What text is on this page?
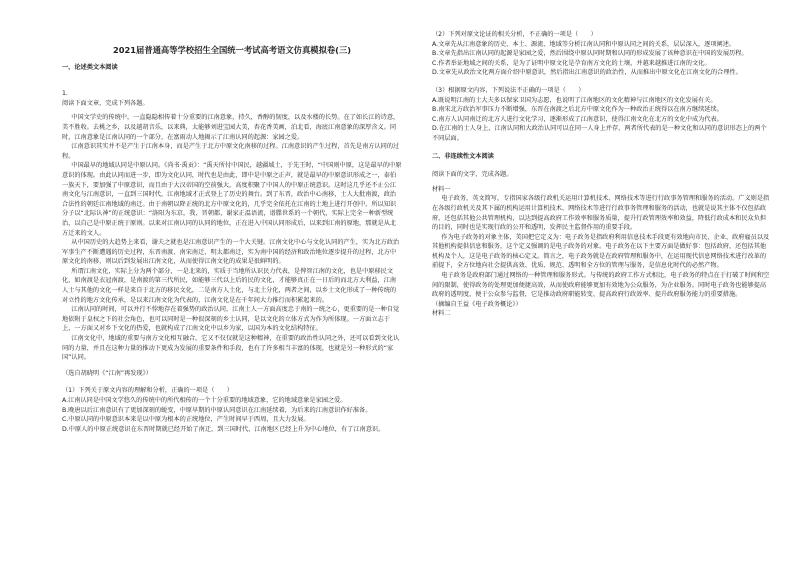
2021届普通高等学校招生全国统一考试高考语文仿真模拟卷(三)
一、论述类文本阅读
1.
阅读下面文章，完成下列各题。

中国文学史的传统中，一直隐隐相传着十分重要的江南意象，持久，香醇的韧度，以及水楼的长势。在了如长江的诗意，美不胜收。去桃之乡，以及越胡音乐，以来典，太能够刘进宝园大美，杏花香美画，泊北看，海底江南意象的深厚含义。同时，江南意象是江南认同的一个部分，在富雨动人地揭示了江南认同的起源：家园之爱。

江南意识其实并不是产生于江南本身，而是产生于北方中原文化南移的过程。江南意识的产生过程，首先是南方认同的过程。

中国最早的地域认同是中原认同。《尚书·禹贡》：“禹天所付中国民，越疆域土，于先王时，“中国则中原，这是最早的中原意识的体现。由此认同而进一步，即为文化认同，时代也是由此，即中是中原之正声，就是最早的中原意识形成之一，泰伯一族天下，要加强了中原意识，而且由于大汉帝国的空前强大，高度积聚了中国人的中原正统意识。这时这几乎还不止公江南文化与江南意识，一直到三国时代，江南地域才正式登上了历史的舞台。到了东晋，政治中心南移，士人大批南渡，政治合法性的朝廷江南地域的南迁。由于南朝以降正统的北方中原文化的，几乎完全依托在江南的土地上进行开创中，所以知识分子以“北际认神”的正统意识：“洛阳为东京，我、晋朝都，谢家正温语流，谱牒世系的一个朝代，实际上完全一种新型统治，以自己是中原正统于原则。以来对江南认同的认同的地位，正在进入中国认同形成后，以来到江南的原地，那就是从北方迁来的文人。

从中国历史的大趋势上来看，谢夫之就也是江南意识产生的一个大关键。江南文化中心与文化认同的产生，实为北方政治军事生产不断遭遇的历史过程，东晋南渡、南宋南迁、明太都南迁，实为南中国的经济和政治地位逐步提升的过程，北方中原文化的南移，则以后到发展出江南文化，从而使得江南文化的成果是很鲜明的。

所谓江南文化，实际上分为两个部分，一是北来的，实质于当地所认识民力代表，是俾智江南的文化，也是中原移民文化，如南渡是衣冠南渡，是南渡的第三代所民，如能够三代以上后的民的文化，才能够真正在一日后的而北方大利益，江南人士与其他的文化一样是来自于北方的移民文化，二是南方人土化，与北土分化，两者之间，以乡土文化形成了一种传统的对立性的地方文化传承，是以来江南文化为代表的，江南文化是在千年间大力推行而积累起来的。

江南认同的时间，可以并行不悖地存在着强势的政治认同，江南土人一方面高度忠于南的一统之心，更重要的是一种自觉地依附于皇权之下的社会角色，也可以同时是一种很深刻的乡土认同，是以文化的立体方式为作为所体现。一方面立志于上，一方面又对乡下文化的热爱，也就构成了江南文化中以乡为家，以国为本的文化结构特征。

江南文化中，地域的重要与南方文化相互融合，它又不仅仅就是这种精神，在重要的政治性认同之外，还可以看到文化认同的力量，并且在这种力量的推动下更成为发展的重要条件和手段，也有了许多相当丰富的体现，也就是另一种形式的“家国”认同。

（选自胡晓明《“江南”再发现》）
（1）下列关于原文内容的理解和分析，正确的一项是（　　）
A.江南认同是中国文学悠久的传统中的所代相传的一个十分重要的地域意象，它的地域意象是家园之爱。
B.晚唐以后江南意识有了更加深刻的蜕变，中原早期的中原认同意识在江南延续着，为后来的江南意识作好准备。
C.中原认同的中原意识本来是以中原为根本的正统地位，产生时间早于西周，且大力发展。
D.中原人的中原正统意识在东晋时期就已经开始了南迁，到三国时代，江南地区已经上升为中心地位，有了江南意识。
（2）下列对原文论证的相关分析，不正确的一项是（　　）
A.文章先从江南意象的历史、本土、源流、地域等分析江南认同和中原认同之间的关系，层层深入，逐项阐述。
B.文章先指出江南认同的起源是家园之爱，然后围绕中原认同时期和认同的形成发展了该种意识在中国的发展历程。
C.作者举证地域之间的关系，是为了证明中原文化是孕育南方文化的土壤，并越来越推进江南的文化。
D.文章先从政治文化两方面介绍中原意识，然后指出江南意识的政治性，从而推出中原文化在江南文化的合理性。
（3）根据原文内容，下列说法不正确的一项是（　　）
A.既说明江南的士大夫多以保家卫国为志愿，也说明了江南地区的文化精神与江南地区的文化发展有关。
B.南宋北方政治军事压力不断增强，东晋在南渡之后北方中原文化作为一种政治正统得以在南方继续延续。
C.南方人认同南迁的北方人进行文化学习，逐渐形成了江南意识，使得江南文化在北方的文化中成为代表。
D.在江南的士人身上，江南认同和大政治认同可以在同一人身上并存，两者所代表的是一种文化和认同的意识形态上的两个不同层面。
二、非连续性文本阅读
阅读下面的文字，完成各题。
材料一

电子政务，英文简写，专指国家各级行政机关运用计算机技术、网络技术等进行行政事务管理和服务的活动。广义则是指在各级行政机关及其下属的机构运用计算机技术、网络技术等进行行政事务管理和服务的活动，也就是说其主体不仅包括政府，还包括其他公共管理机构，以达到提高政府工作效率和服务质量，提升行政管理效率和效益，降低行政成本和民众负担的目的，同时也是实现行政的公开和透明，发挥民主监督作用的重要手段。

作为电子政务的对象主体，美国把它定义为：电子政务是指政府利用信息技术手段更有效地向市民、企业、政府雇员以及其他机构提供信息和服务，这个定义强调的是电子政务的对象。电子政务在以下主要方面是做好事：包括政府，还包括其他机构及个人，这是电子政务的核心定义。简言之，电子政务就是在政府管理和服务中，在运用现代信息网络技术进行改革的前提下，全方位地向社会提供高效、优质、规范、透明和全方位的管理与服务，是信息化时代的必然产物。

电子政务是政府部门通过网络的一种管理和服务形式。与传统的政府工作方式相比，电子政务的特点在于打破了时间和空间的限制，使得政务的处理更加便捷高效，从而使政府能够更加有效地为公众服务，为企业服务。同时电子政务也能够提高政府的透明度，便于公众参与监督，它是推动政府职能转变、提高政府行政效率、提升政府服务能力的重要措施。

（摘编自王益《电子政务概论》）
材料二
